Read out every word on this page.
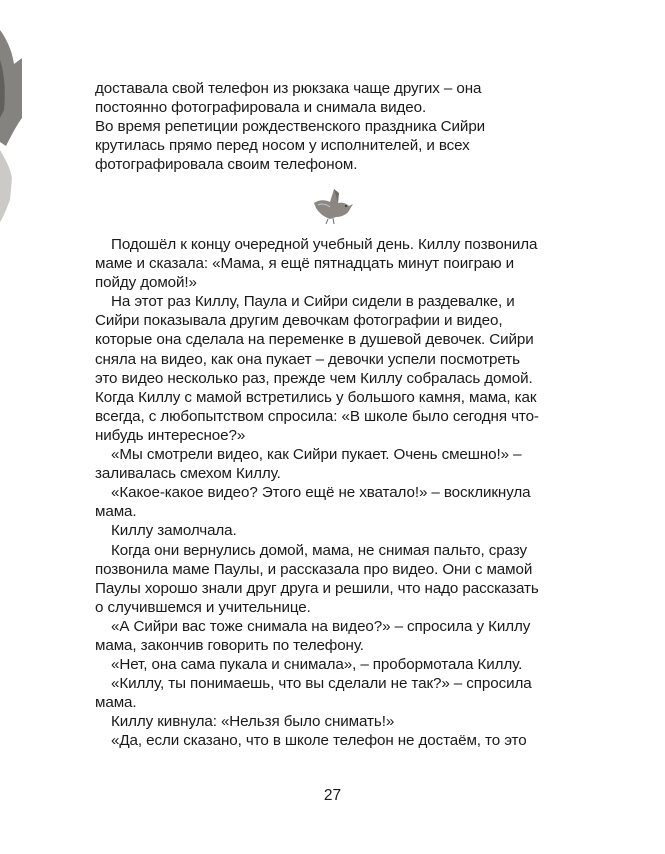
доставала свой телефон из рюкзака чаще других – она
постоянно фотографировала и снимала видео.

Во время репетиции рождественского праздника Сийри
крутилась прямо перед носом у исполнителей, и всех
фотографировала своим телефоном.

Подошёл к концу очередной учебный день. Киллу позвонила

маме и сказала: «Мама, я ещё пятнадцать минут поиграю и
пойду домой!»

На этот раз Киллу, Паула и Сийри сидели в раздевалке, и

Сийри показывала другим девочкам фотографии и видео,
которые она сделала на переменке в душевой девочек. Сийри
сняла на видео, как она пукает – девочки успели посмотреть
это видео несколько раз, прежде чем Киллу собралась домой.
Когда Киллу с мамой встретились у большого камня, мама, как
всегда, с любопытством спросила: «В школе было сегодня что-
нибудь интересное?»

«Мы смотрели видео, как Сийри пукает. Очень смешно!» –

заливалась смехом Киллу.

«Какое-какое видео? Этого ещё не хватало!» – воскликнула

мама.

Киллу замолчала.

Когда они вернулись домой, мама, не снимая пальто, сразу

позвонила маме Паулы, и рассказала про видео. Они с мамой
Паулы хорошо знали друг друга и решили, что надо рассказать
о случившемся и учительнице.

«А Сийри вас тоже снимала на видео?» – спросила у Киллу

мама, закончив говорить по телефону.

«Нет, она сама пукала и снимала», – пробормотала Киллу.

«Киллу, ты понимаешь, что вы сделали не так?» – спросила

мама.

Киллу кивнула: «Нельзя было снимать!»

«Да, если сказано, что в школе телефон не достаём, то это

27
